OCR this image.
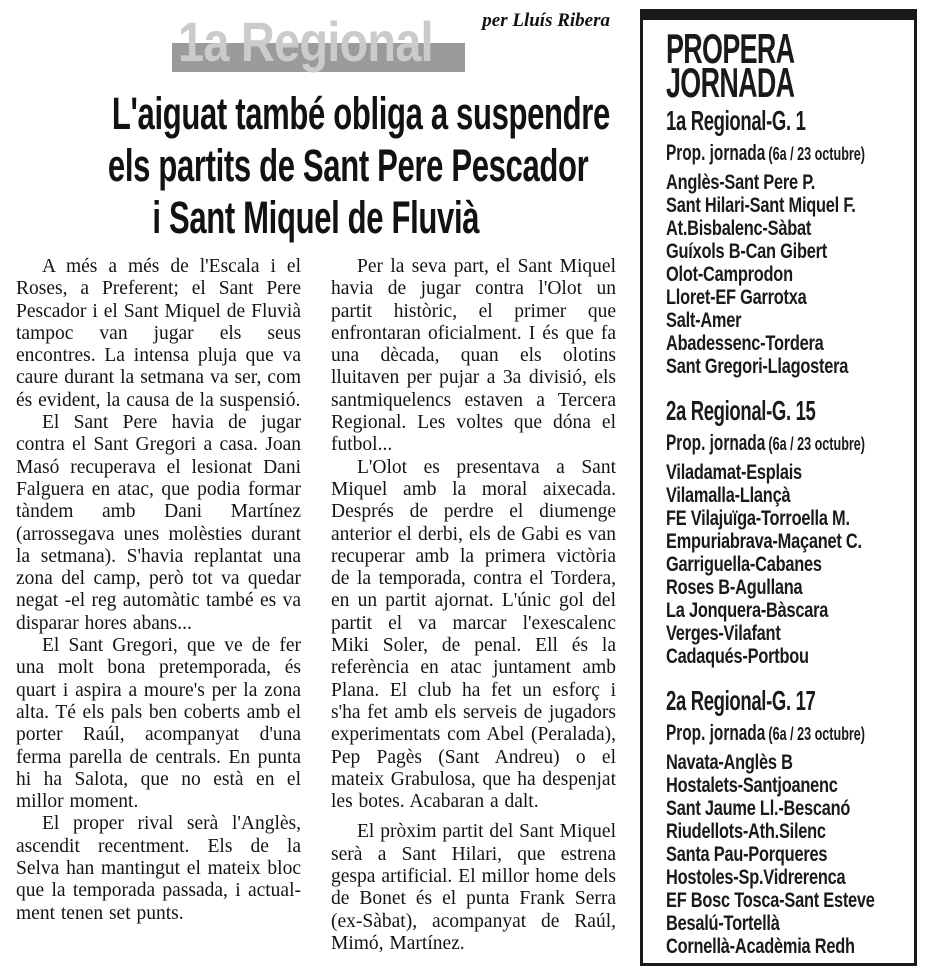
1a Regional	per Lluís Ribera
L'aiguat també obliga a suspendre
els partits de Sant Pere Pescador
i Sant Miquel de Fluvià

A més a més de l'Escala i el Roses, a Preferent; el Sant Pere Pescador i el Sant Miquel de Fluvià tampoc van jugar els seus encontres. La intensa pluja que va caure durant la setmana va ser, com és evident, la causa de la suspensió.

El Sant Pere havia de jugar contra el Sant Gregori a casa. Joan Masó recuperava el lesionat Dani Falguera en atac, que podia formar tàndem amb Dani Martínez (arrossegava unes molèsties durant la setmana). S'havia replantat una zona del camp, però tot va quedar negat -el reg automàtic també es va disparar hores abans...

El Sant Gregori, que ve de fer una molt bona pretemporada, és quart i aspira a moure's per la zona alta. Té els pals ben coberts amb el porter Raúl, acompanyat d'una ferma parella de centrals. En punta hi ha Salota, que no està en el millor moment.

El proper rival serà l'Anglès, ascendit recentment. Els de la Selva han mantingut el mateix bloc que la temporada passada, i actual-ment tenen set punts.

Per la seva part, el Sant Miquel havia de jugar contra l'Olot un partit històric, el primer que enfrontaran oficialment. I és que fa una dècada, quan els olotins lluitaven per pujar a 3a divisió, els santmiquelencs estaven a Tercera Regional. Les voltes que dóna el futbol...

L'Olot es presentava a Sant Miquel amb la moral aixecada. Després de perdre el diumenge anterior el derbi, els de Gabi es van recuperar amb la primera victòria de la temporada, contra el Tordera, en un partit ajornat. L'únic gol del partit el va marcar l'exescalenc Miki Soler, de penal. Ell és la referència en atac juntament amb Plana. El club ha fet un esforç i s'ha fet amb els serveis de jugadors experimentats com Abel (Peralada), Pep Pagès (Sant Andreu) o el mateix Grabulosa, que ha despenjat les botes. Acabaran a dalt.

El pròxim partit del Sant Miquel serà a Sant Hilari, que estrena gespa artificial. El millor home dels de Bonet és el punta Frank Serra (ex-Sàbat), acompanyat de Raúl, Mimó, Martínez.

PROPERA
JORNADA
1a Regional-G. 1
Prop. jornada (6a / 23 octubre)
Anglès-Sant Pere P.
Sant Hilari-Sant Miquel F.
At.Bisbalenc-Sàbat
Guíxols B-Can Gibert
Olot-Camprodon
Lloret-EF Garrotxa
Salt-Amer
Abadessenc-Tordera
Sant Gregori-Llagostera
2a Regional-G. 15
Prop. jornada (6a / 23 octubre)
Viladamat-Esplais
Vilamalla-Llançà
FE Vilajuïga-Torroella M.
Empuriabrava-Maçanet C.
Garriguella-Cabanes
Roses B-Agullana
La Jonquera-Bàscara
Verges-Vilafant
Cadaqués-Portbou
2a Regional-G. 17
Prop. jornada (6a / 23 octubre)
Navata-Anglès B
Hostalets-Santjoanenc
Sant Jaume Ll.-Bescanó
Riudellots-Ath.Silenc
Santa Pau-Porqueres
Hostoles-Sp.Vidrerenca
EF Bosc Tosca-Sant Esteve
Besalú-Tortellà
Cornellà-Acadèmia Redh
